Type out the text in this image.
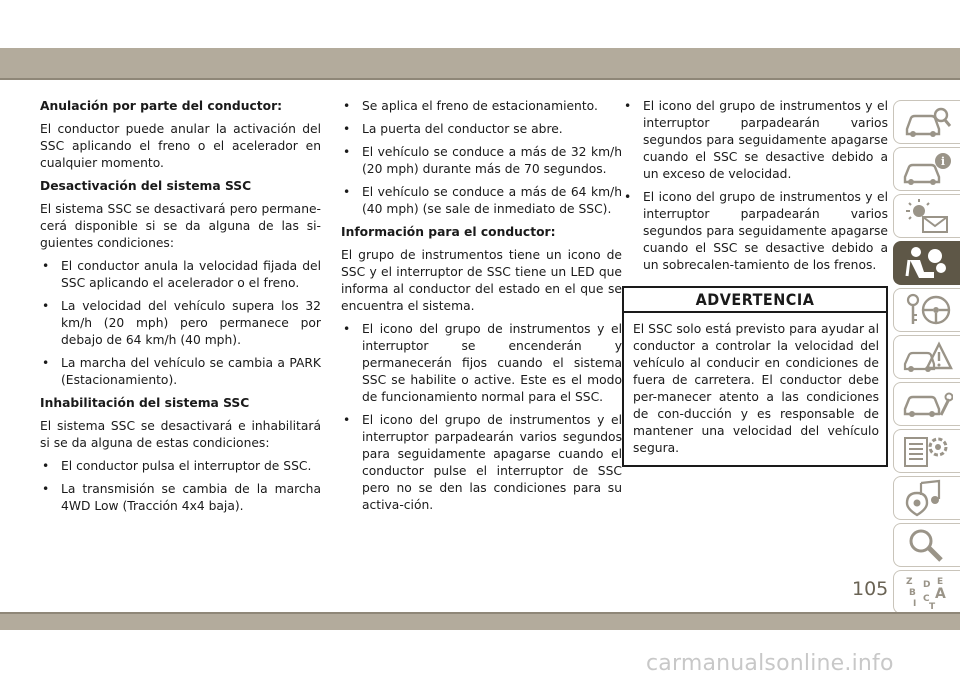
Anulación por parte del conductor:

El conductor puede anular la activación del SSC aplicando el freno o el acelerador en cualquier momento.

Desactivación del sistema SSC

El sistema SSC se desactivará pero permane-cerá disponible si se da alguna de las si-guientes condiciones:

• El conductor anula la velocidad fijada del SSC aplicando el acelerador o el freno.
• La velocidad del vehículo supera los 32 km/h (20 mph) pero permanece por debajo de 64 km/h (40 mph).
• La marcha del vehículo se cambia a PARK (Estacionamiento).
Inhabilitación del sistema SSC

El sistema SSC se desactivará e inhabilitará si se da alguna de estas condiciones:

• El conductor pulsa el interruptor de SSC.
• La transmisión se cambia de la marcha 4WD Low (Tracción 4x4 baja).
• Se aplica el freno de estacionamiento.
• La puerta del conductor se abre.
• El vehículo se conduce a más de 32 km/h (20 mph) durante más de 70 segundos.
• El vehículo se conduce a más de 64 km/h (40 mph) (se sale de inmediato de SSC).
Información para el conductor:

El grupo de instrumentos tiene un icono de SSC y el interruptor de SSC tiene un LED que informa al conductor del estado en el que se encuentra el sistema.

• El icono del grupo de instrumentos y el interruptor se encenderán y permanecerán fijos cuando el sistema SSC se habilite o active. Este es el modo de funcionamiento normal para el SSC.
• El icono del grupo de instrumentos y el interruptor parpadearán varios segundos para seguidamente apagarse cuando el conductor pulse el interruptor de SSC pero no se den las condiciones para su activa-ción.
• El icono del grupo de instrumentos y el interruptor parpadearán varios segundos para seguidamente apagarse cuando el SSC se desactive debido a un exceso de velocidad.
• El icono del grupo de instrumentos y el interruptor parpadearán varios segundos para seguidamente apagarse cuando el SSC se desactive debido a un sobrecalen-tamiento de los frenos.
ADVERTENCIA
El SSC solo está previsto para ayudar al conductor a controlar la velocidad del vehículo al conducir en condiciones de fuera de carretera. El conductor debe per-manecer atento a las condiciones de con-ducción y es responsable de mantener una velocidad del vehículo segura.
i
Z	E
B A
I C
D
T
105
carmanualsonline.info
